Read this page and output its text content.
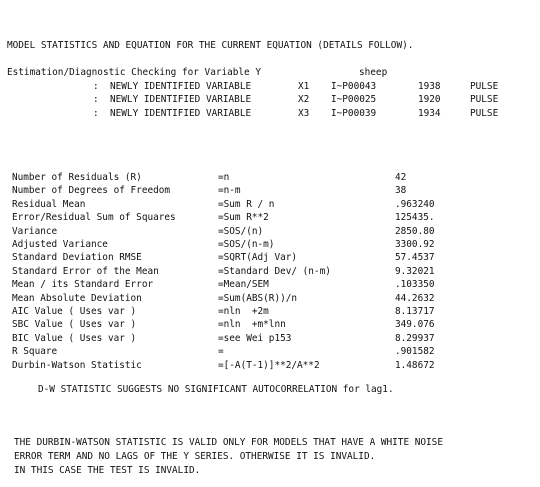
MODEL STATISTICS AND EQUATION FOR THE CURRENT EQUATION (DETAILS FOLLOW).
Estimation/Diagnostic Checking for Variable Y	sheep
: NEWLY IDENTIFIED VARIABLE	X1 I~P00043	1938	PULSE
: NEWLY IDENTIFIED VARIABLE	X2 I~P00025	1920	PULSE
: NEWLY IDENTIFIED VARIABLE	X3 I~P00039	1934	PULSE
Number of Residuals (R)	=n	42
Number of Degrees of Freedom	=n-m	38
Residual Mean	=Sum R / n	.963240
Error/Residual Sum of Squares	=Sum R**2	125435.
Variance	=SOS/(n)	2850.80
Adjusted Variance	=SOS/(n-m)	3300.92
Standard Deviation RMSE	=SQRT(Adj Var)	57.4537
Standard Error of the Mean	=Standard Dev/ (n-m)	9.32021
Mean / its Standard Error	=Mean/SEM	.103350
Mean Absolute Deviation	=Sum(ABS(R))/n	44.2632
AIC Value ( Uses var )	=nln  +2m	8.13717
SBC Value ( Uses var )	=nln  +m*lnn	349.076
BIC Value ( Uses var )	=see Wei p153	8.29937
R Square	=	.901582
Durbin-Watson Statistic	=[-A(T-1)]**2/A**2	1.48672
D-W STATISTIC SUGGESTS NO SIGNIFICANT AUTOCORRELATION for lag1.
THE DURBIN-WATSON STATISTIC IS VALID ONLY FOR MODELS THAT HAVE A WHITE NOISE
ERROR TERM AND NO LAGS OF THE Y SERIES. OTHERWISE IT IS INVALID.
IN THIS CASE THE TEST IS INVALID.
